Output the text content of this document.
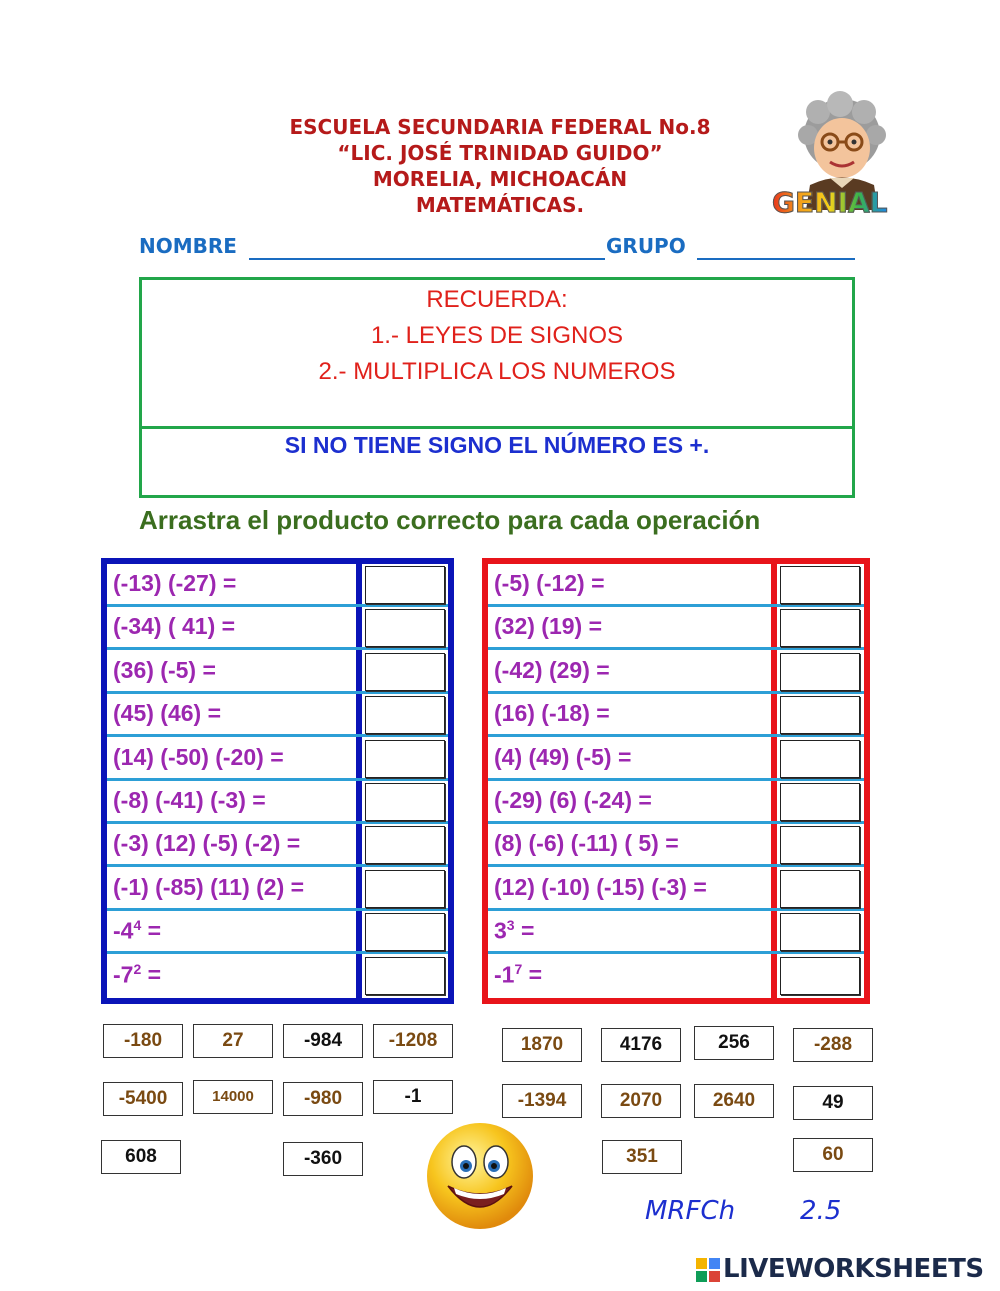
ESCUELA SECUNDARIA FEDERAL No.8
“LIC. JOSÉ TRINIDAD GUIDO”
MORELIA, MICHOACÁN
MATEMÁTICAS.	GENIAL
NOMBRE	GRUPO
RECUERDA:
1.- LEYES DE SIGNOS
2.- MULTIPLICA LOS NUMEROS
SI NO TIENE SIGNO EL NÚMERO ES +.
Arrastra el producto correcto para cada operación
(-13) (-27) =
(-34) ( 41) =
(36) (-5) =
(45) (46) =
(14) (-50) (-20) =
(-8) (-41) (-3) =
(-3) (12) (-5) (-2) =
(-1) (-85) (11) (2) =
$-4^4$ =
$-7^2$ =
(-5) (-12) =
(32) (19) =
(-42) (29) =
(16) (-18) =
(4) (49) (-5) =
(-29) (6) (-24) =
(8) (-6) (-11) ( 5) =
(12) (-10) (-15) (-3) =
$3^3$ =
$-1^7$ =
-180	27	-984	-1208	1870	4176	256	-288
-5400	14000	-980	-1	-1394	2070	2640	49
608	-360	351	60
MRFCh 2.5
LIVEWORKSHEETS
